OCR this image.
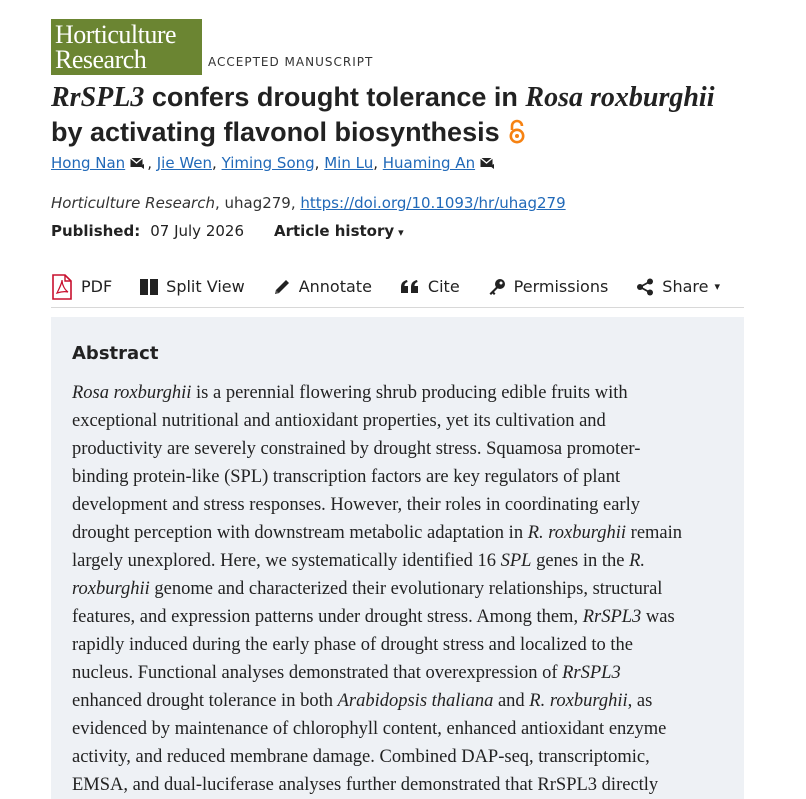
Horticulture
Research	ACCEPTED MANUSCRIPT
RrSPL3 confers drought tolerance in Rosa roxburghii
by activating flavonol biosynthesis
Hong Nan , Jie Wen, Yiming Song, Min Lu, Huaming An
Horticulture Research, uhag279, https://doi.org/10.1093/hr/uhag279
Published: 07 July 2026 Article history ▾
PDF	Split View	Annotate	Cite	Permissions	Share ▾
Abstract
Rosa roxburghii is a perennial flowering shrub producing edible fruits with
exceptional nutritional and antioxidant properties, yet its cultivation and
productivity are severely constrained by drought stress. Squamosa promoter-
binding protein-like (SPL) transcription factors are key regulators of plant
development and stress responses. However, their roles in coordinating early
drought perception with downstream metabolic adaptation in R. roxburghii remain
largely unexplored. Here, we systematically identified 16 SPL genes in the R.
roxburghii genome and characterized their evolutionary relationships, structural
features, and expression patterns under drought stress. Among them, RrSPL3 was
rapidly induced during the early phase of drought stress and localized to the
nucleus. Functional analyses demonstrated that overexpression of RrSPL3
enhanced drought tolerance in both Arabidopsis thaliana and R. roxburghii, as
evidenced by maintenance of chlorophyll content, enhanced antioxidant enzyme
activity, and reduced membrane damage. Combined DAP-seq, transcriptomic,
EMSA, and dual-luciferase analyses further demonstrated that RrSPL3 directly
